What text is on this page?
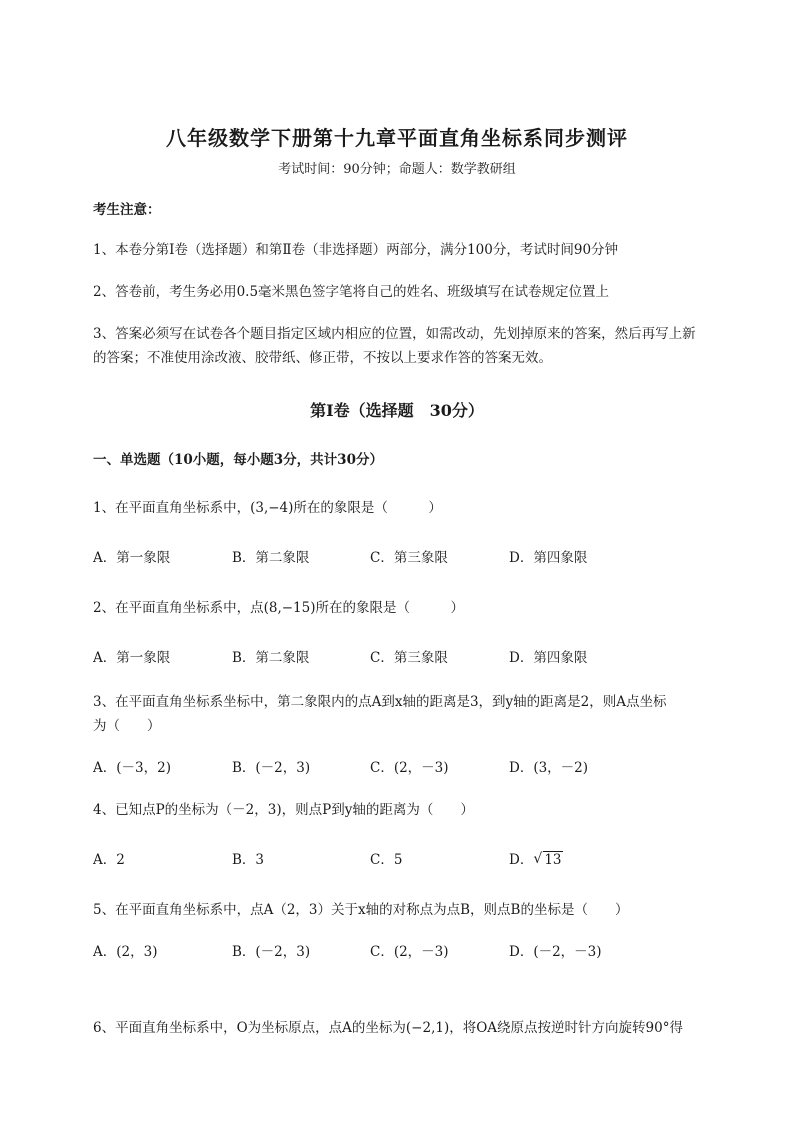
八年级数学下册第十九章平面直角坐标系同步测评
考试时间：90分钟；命题人：数学教研组
考生注意：
1、本卷分第I卷（选择题）和第Ⅱ卷（非选择题）两部分，满分100分，考试时间90分钟
2、答卷前，考生务必用0.5毫米黑色签字笔将自己的姓名、班级填写在试卷规定位置上
3、答案必须写在试卷各个题目指定区域内相应的位置，如需改动，先划掉原来的答案，然后再写上新
的答案；不准使用涂改液、胶带纸、修正带，不按以上要求作答的答案无效。
第I卷（选择题　30分）
一、单选题（10小题，每小题3分，共计30分）
1、在平面直角坐标系中，(3,−4)所在的象限是（　　　）
A．第一象限	B．第二象限	C．第三象限	D．第四象限
2、在平面直角坐标系中，点(8,−15)所在的象限是（　　　）
A．第一象限	B．第二象限	C．第三象限	D．第四象限
3、在平面直角坐标系坐标中，第二象限内的点A到x轴的距离是3，到y轴的距离是2，则A点坐标
为（　　）
A．(－3，2)	B．(－2，3)	C．(2，－3)	D．(3，－2)
4、已知点P的坐标为（－2，3)，则点P到y轴的距离为（　　）
A．2	B．3	C．5	D．√ 13
5、在平面直角坐标系中，点A（2，3）关于x轴的对称点为点B，则点B的坐标是（　　）
A．(2，3)	B．(－2，3)	C．(2，－3)	D．(－2，－3)
6、平面直角坐标系中，O为坐标原点，点A的坐标为(−2,1)，将OA绕原点按逆时针方向旋转90°得
